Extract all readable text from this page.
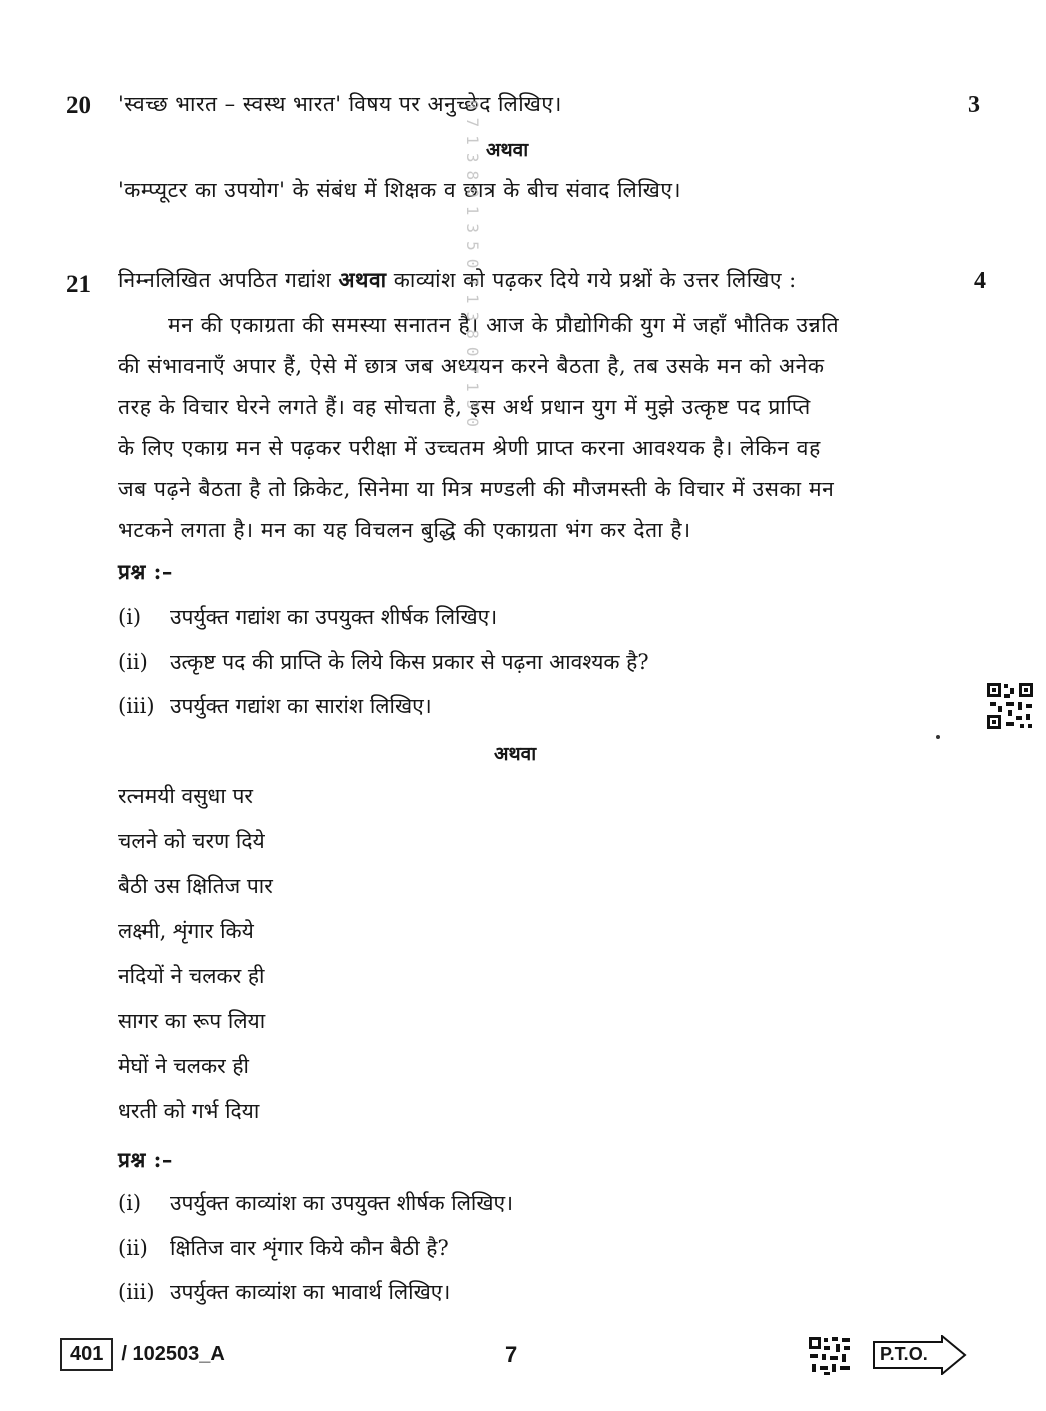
20 'स्वच्छ भारत – स्वस्थ भारत' विषय पर अनुच्छेद लिखिए।	3
अथवा
'कम्प्यूटर का उपयोग' के संबंध में शिक्षक व छात्र के बीच संवाद लिखिए।
21 निम्नलिखित अपठित गद्यांश अथवा काव्यांश को पढ़कर दिये गये प्रश्नों के उत्तर लिखिए :	4

मन की एकाग्रता की समस्या सनातन है। आज के प्रौद्योगिकी युग में जहाँ भौतिक उन्नति

की संभावनाएँ अपार हैं, ऐसे में छात्र जब अध्ययन करने बैठता है, तब उसके मन को अनेक

तरह के विचार घेरने लगते हैं। वह सोचता है, इस अर्थ प्रधान युग में मुझे उत्कृष्ट पद प्राप्ति

के लिए एकाग्र मन से पढ़कर परीक्षा में उच्चतम श्रेणी प्राप्त करना आवश्यक है। लेकिन वह

जब पढ़ने बैठता है तो क्रिकेट, सिनेमा या मित्र मण्डली की मौजमस्ती के विचार में उसका मन

भटकने लगता है। मन का यह विचलन बुद्धि की एकाग्रता भंग कर देता है।

प्रश्न :–
(i) उपर्युक्त गद्यांश का उपयुक्त शीर्षक लिखिए।
(ii) उत्कृष्ट पद की प्राप्ति के लिये किस प्रकार से पढ़ना आवश्यक है?
(iii) उपर्युक्त गद्यांश का सारांश लिखिए।
अथवा
रत्नमयी वसुधा पर
चलने को चरण दिये
बैठी उस क्षितिज पार
लक्ष्मी, शृंगार किये
नदियों ने चलकर ही
सागर का रूप लिया
मेघों ने चलकर ही
धरती को गर्भ दिया
प्रश्न :–
(i) उपर्युक्त काव्यांश का उपयुक्त शीर्षक लिखिए।
(ii) क्षितिज वार शृंगार किये कौन बैठी है?
(iii) उपर्युक्त काव्यांश का भावार्थ लिखिए।
0713801350713807130
401 / 102503_A	7	P.T.O.
